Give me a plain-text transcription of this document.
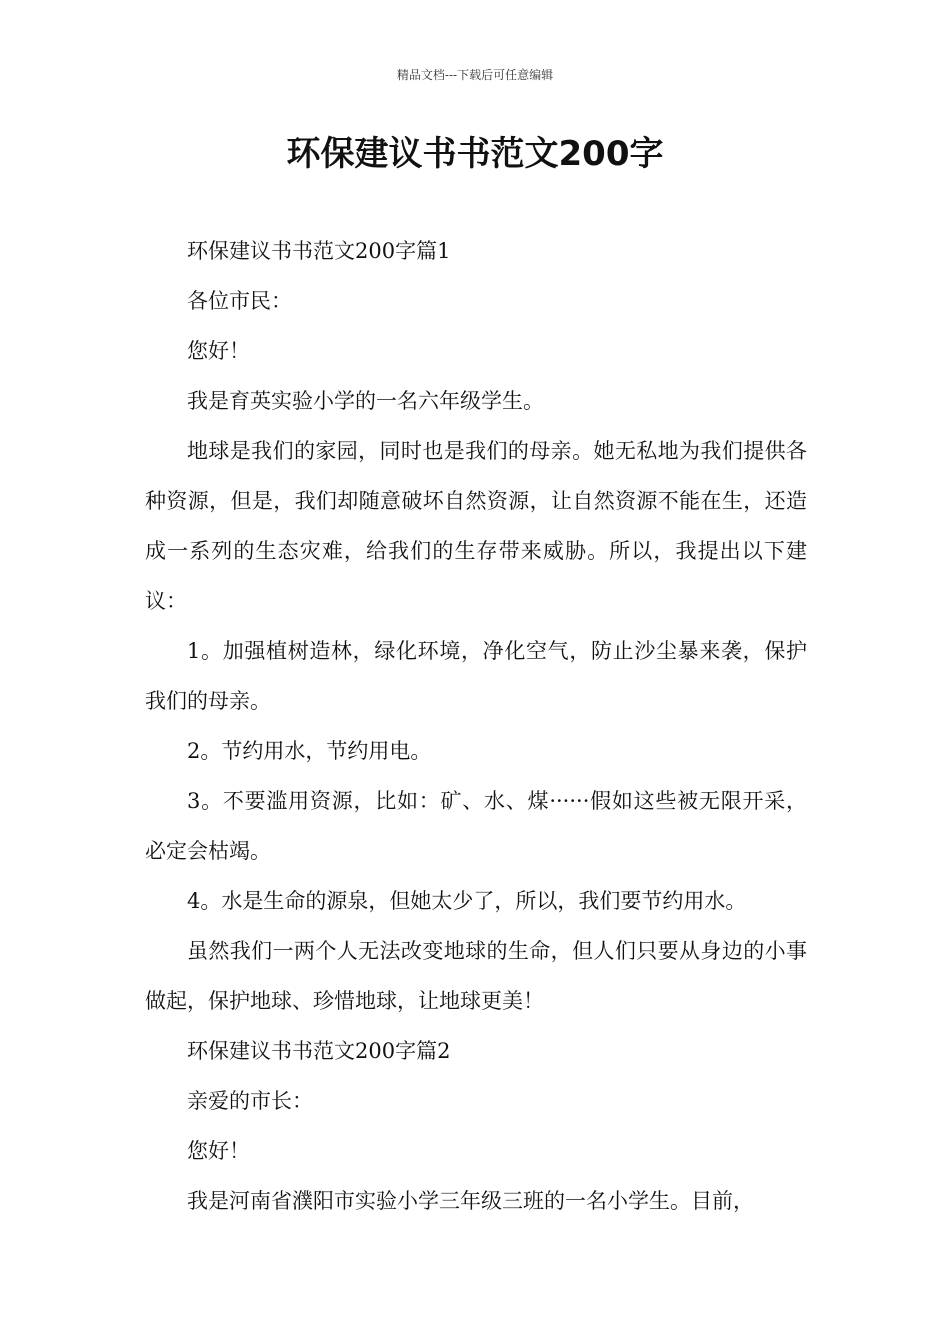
精品文档---下载后可任意编辑
环保建议书书范文200字

环保建议书书范文200字篇1

各位市民：

您好！

我是育英实验小学的一名六年级学生。

地球是我们的家园，同时也是我们的母亲。她无私地为我们提供各种资源，但是，我们却随意破坏自然资源，让自然资源不能在生，还造成一系列的生态灾难，给我们的生存带来威胁。所以，我提出以下建议：

1。加强植树造林，绿化环境，净化空气，防止沙尘暴来袭，保护我们的母亲。

2。节约用水，节约用电。

3。不要滥用资源，比如：矿、水、煤······假如这些被无限开采，必定会枯竭。

4。水是生命的源泉，但她太少了，所以，我们要节约用水。

虽然我们一两个人无法改变地球的生命，但人们只要从身边的小事做起，保护地球、珍惜地球，让地球更美！

环保建议书书范文200字篇2

亲爱的市长：

您好！

我是河南省濮阳市实验小学三年级三班的一名小学生。目前，
